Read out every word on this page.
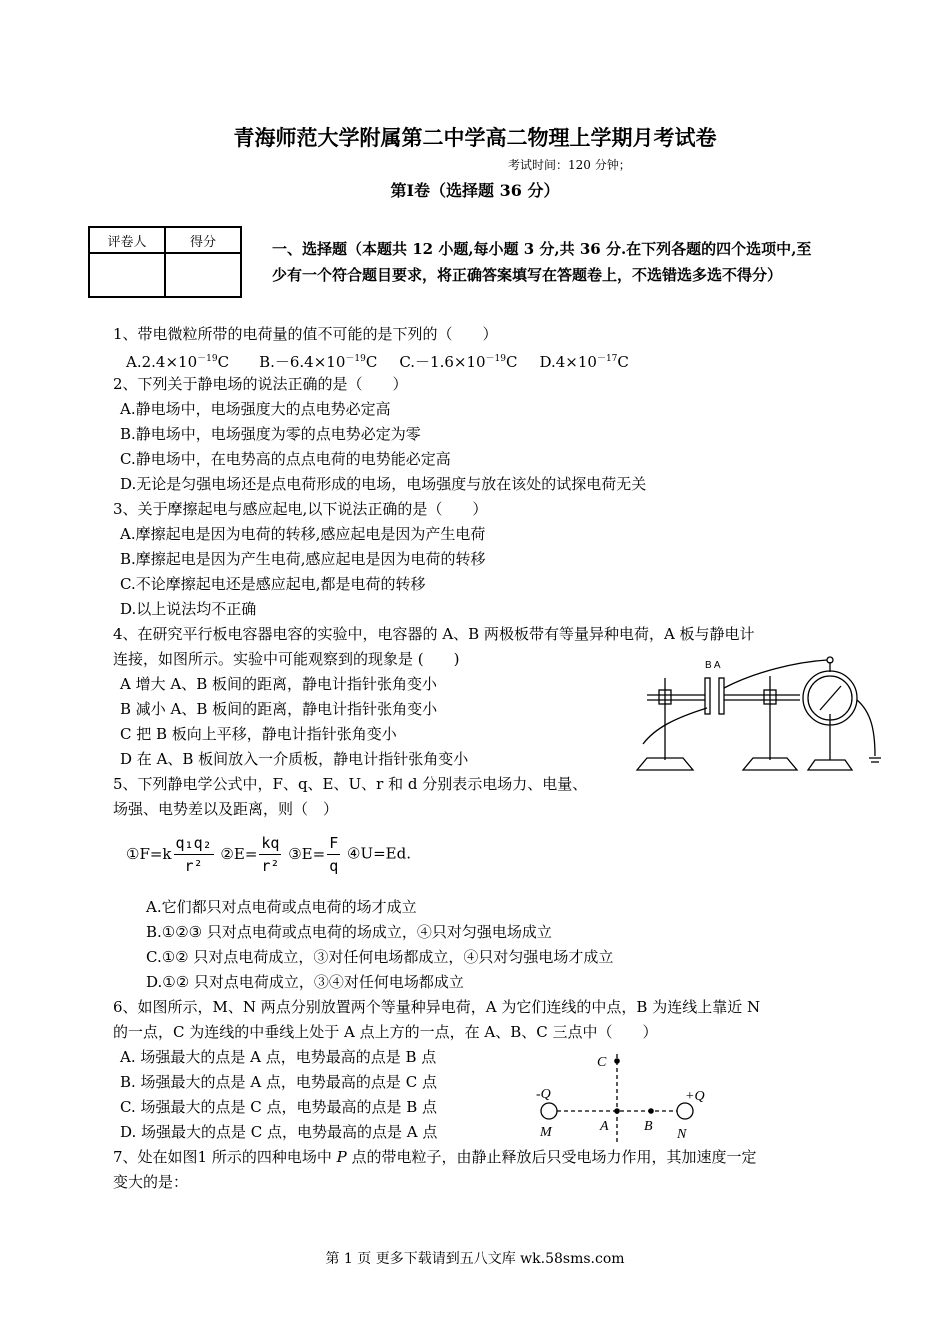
青海师范大学附属第二中学高二物理上学期月考试卷
考试时间：120 分钟；
第Ⅰ卷（选择题 36 分）
评卷人	得分
		一、选择题（本题共 12 小题,每小题 3 分,共 36 分.在下列各题的四个选项中,至
少有一个符合题目要求，将正确答案填写在答题卷上，不选错选多选不得分）
1、带电微粒所带的电荷量的值不可能的是下列的（　　）
$A.2.4\times 10^{-19}C$ $B.-6.4\times 10^{-19}C$ $C.-1.6\times 10^{-19}C$ $D.4\times 10^{-17}C$
2、下列关于静电场的说法正确的是（　　）
A.静电场中，电场强度大的点电势必定高
B.静电场中，电场强度为零的点电势必定为零
C.静电场中，在电势高的点点电荷的电势能必定高
D.无论是匀强电场还是点电荷形成的电场，电场强度与放在该处的试探电荷无关
3、关于摩擦起电与感应起电,以下说法正确的是（　　）
A.摩擦起电是因为电荷的转移,感应起电是因为产生电荷
B.摩擦起电是因为产生电荷,感应起电是因为电荷的转移
C.不论摩擦起电还是感应起电,都是电荷的转移
D.以上说法均不正确
4、在研究平行板电容器电容的实验中，电容器的 A、B 两极板带有等量异种电荷，A 板与静电计
连接，如图所示。实验中可能观察到的现象是 (　　)
A 增大 A、B 板间的距离，静电计指针张角变小
B 减小 A、B 板间的距离，静电计指针张角变小
C 把 B 板向上平移，静电计指针张角变小
D 在 A、B 板间放入一介质板，静电计指针张角变小
B A
5、下列静电学公式中，F、q、E、U、r 和 d 分别表示电场力、电量、
场强、电势差以及距离，则（　）
①F=k $\frac{\text{q₁q₂}}{\text{r²}}$ ②E= $\frac{kq}{\text{r²}}$ ③E= $\frac{F}{q}$ ④U=Ed.
A.它们都只对点电荷或点电荷的场才成立
B.①②③ 只对点电荷或点电荷的场成立，④只对匀强电场成立
C.①② 只对点电荷成立，③对任何电场都成立，④只对匀强电场才成立
D.①② 只对点电荷成立，③④对任何电场都成立
6、如图所示，M、N 两点分别放置两个等量种异电荷，A 为它们连线的中点，B 为连线上靠近 N
的一点，C 为连线的中垂线上处于 A 点上方的一点，在 A、B、C 三点中（　　）
A. 场强最大的点是 A 点，电势最高的点是 B 点
B. 场强最大的点是 A 点，电势最高的点是 C 点
C. 场强最大的点是 C 点，电势最高的点是 B 点
D. 场强最大的点是 C 点，电势最高的点是 A 点
C
-Q	+Q
M	A	B
N
7、处在如图1 所示的四种电场中 P 点的带电粒子，由静止释放后只受电场力作用，其加速度一定
变大的是：
第 1 页 更多下载请到五八文库 wk.58sms.com
